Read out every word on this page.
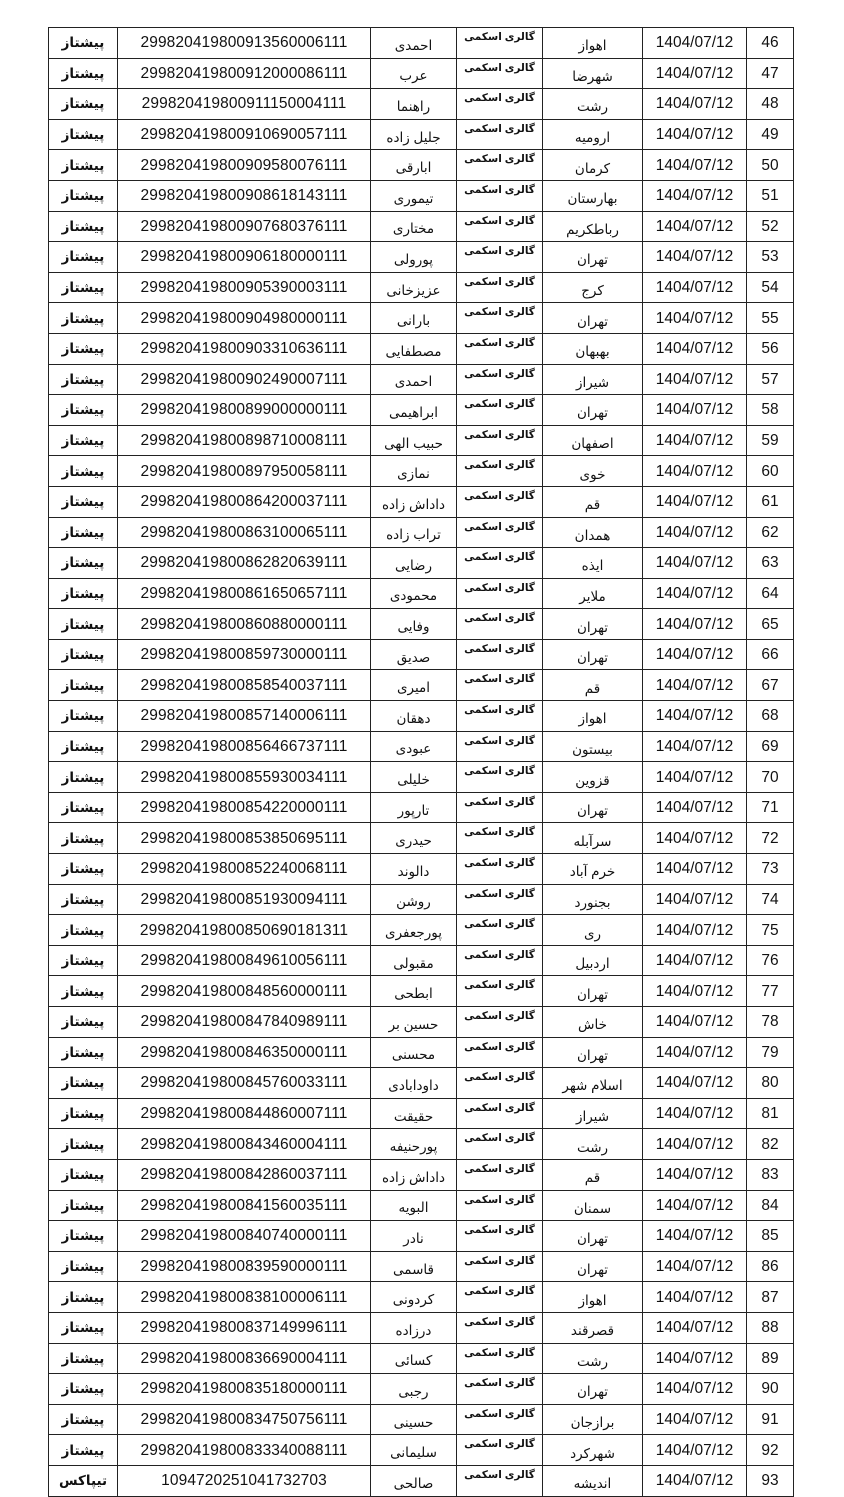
پیشتاز	299820419800913560006111	احمدی	گالری اسکمی	اهواز	1404/07/12	46
پیشتاز	299820419800912000086111	عرب	گالری اسکمی	شهرضا	1404/07/12	47
پیشتاز	299820419800911150004111	راهنما	گالری اسکمی	رشت	1404/07/12	48
پیشتاز	299820419800910690057111	جلیل زاده	گالری اسکمی	ارومیه	1404/07/12	49
پیشتاز	299820419800909580076111	ابارقی	گالری اسکمی	کرمان	1404/07/12	50
پیشتاز	299820419800908618143111	تیموری	گالری اسکمی	بهارستان	1404/07/12	51
پیشتاز	299820419800907680376111	مختاری	گالری اسکمی	رباطکریم	1404/07/12	52
پیشتاز	299820419800906180000111	پورولی	گالری اسکمی	تهران	1404/07/12	53
پیشتاز	299820419800905390003111	عزیزخانی	گالری اسکمی	کرج	1404/07/12	54
پیشتاز	299820419800904980000111	بارانی	گالری اسکمی	تهران	1404/07/12	55
پیشتاز	299820419800903310636111	مصطفایی	گالری اسکمی	بهبهان	1404/07/12	56
پیشتاز	299820419800902490007111	احمدی	گالری اسکمی	شیراز	1404/07/12	57
پیشتاز	299820419800899000000111	ابراهیمی	گالری اسکمی	تهران	1404/07/12	58
پیشتاز	299820419800898710008111	حبیب الهی	گالری اسکمی	اصفهان	1404/07/12	59
پیشتاز	299820419800897950058111	نمازی	گالری اسکمی	خوی	1404/07/12	60
پیشتاز	299820419800864200037111	داداش زاده	گالری اسکمی	قم	1404/07/12	61
پیشتاز	299820419800863100065111	تراب زاده	گالری اسکمی	همدان	1404/07/12	62
پیشتاز	299820419800862820639111	رضایی	گالری اسکمی	ایذه	1404/07/12	63
پیشتاز	299820419800861650657111	محمودی	گالری اسکمی	ملایر	1404/07/12	64
پیشتاز	299820419800860880000111	وفایی	گالری اسکمی	تهران	1404/07/12	65
پیشتاز	299820419800859730000111	صدیق	گالری اسکمی	تهران	1404/07/12	66
پیشتاز	299820419800858540037111	امیری	گالری اسکمی	قم	1404/07/12	67
پیشتاز	299820419800857140006111	دهقان	گالری اسکمی	اهواز	1404/07/12	68
پیشتاز	299820419800856466737111	عبودی	گالری اسکمی	بیستون	1404/07/12	69
پیشتاز	299820419800855930034111	خلیلی	گالری اسکمی	قزوین	1404/07/12	70
پیشتاز	299820419800854220000111	تارپور	گالری اسکمی	تهران	1404/07/12	71
پیشتاز	299820419800853850695111	حیدری	گالری اسکمی	سرآبله	1404/07/12	72
پیشتاز	299820419800852240068111	دالوند	گالری اسکمی	خرم آباد	1404/07/12	73
پیشتاز	299820419800851930094111	روشن	گالری اسکمی	بجنورد	1404/07/12	74
پیشتاز	299820419800850690181311	پورجعفری	گالری اسکمی	ری	1404/07/12	75
پیشتاز	299820419800849610056111	مقبولی	گالری اسکمی	اردبیل	1404/07/12	76
پیشتاز	299820419800848560000111	ابطحی	گالری اسکمی	تهران	1404/07/12	77
پیشتاز	299820419800847840989111	حسین بر	گالری اسکمی	خاش	1404/07/12	78
پیشتاز	299820419800846350000111	محسنی	گالری اسکمی	تهران	1404/07/12	79
پیشتاز	299820419800845760033111	داودابادی	گالری اسکمی	اسلام شهر	1404/07/12	80
پیشتاز	299820419800844860007111	حقیقت	گالری اسکمی	شیراز	1404/07/12	81
پیشتاز	299820419800843460004111	پورحنیفه	گالری اسکمی	رشت	1404/07/12	82
پیشتاز	299820419800842860037111	داداش زاده	گالری اسکمی	قم	1404/07/12	83
پیشتاز	299820419800841560035111	البویه	گالری اسکمی	سمنان	1404/07/12	84
پیشتاز	299820419800840740000111	نادر	گالری اسکمی	تهران	1404/07/12	85
پیشتاز	299820419800839590000111	قاسمی	گالری اسکمی	تهران	1404/07/12	86
پیشتاز	299820419800838100006111	کردونی	گالری اسکمی	اهواز	1404/07/12	87
پیشتاز	299820419800837149996111	درزاده	گالری اسکمی	قصرقند	1404/07/12	88
پیشتاز	299820419800836690004111	کسائی	گالری اسکمی	رشت	1404/07/12	89
پیشتاز	299820419800835180000111	رجبی	گالری اسکمی	تهران	1404/07/12	90
پیشتاز	299820419800834750756111	حسینی	گالری اسکمی	برازجان	1404/07/12	91
پیشتاز	299820419800833340088111	سلیمانی	گالری اسکمی	شهرکرد	1404/07/12	92
تیپاکس	1094720251041732703	صالحی	گالری اسکمی	اندیشه	1404/07/12	93
